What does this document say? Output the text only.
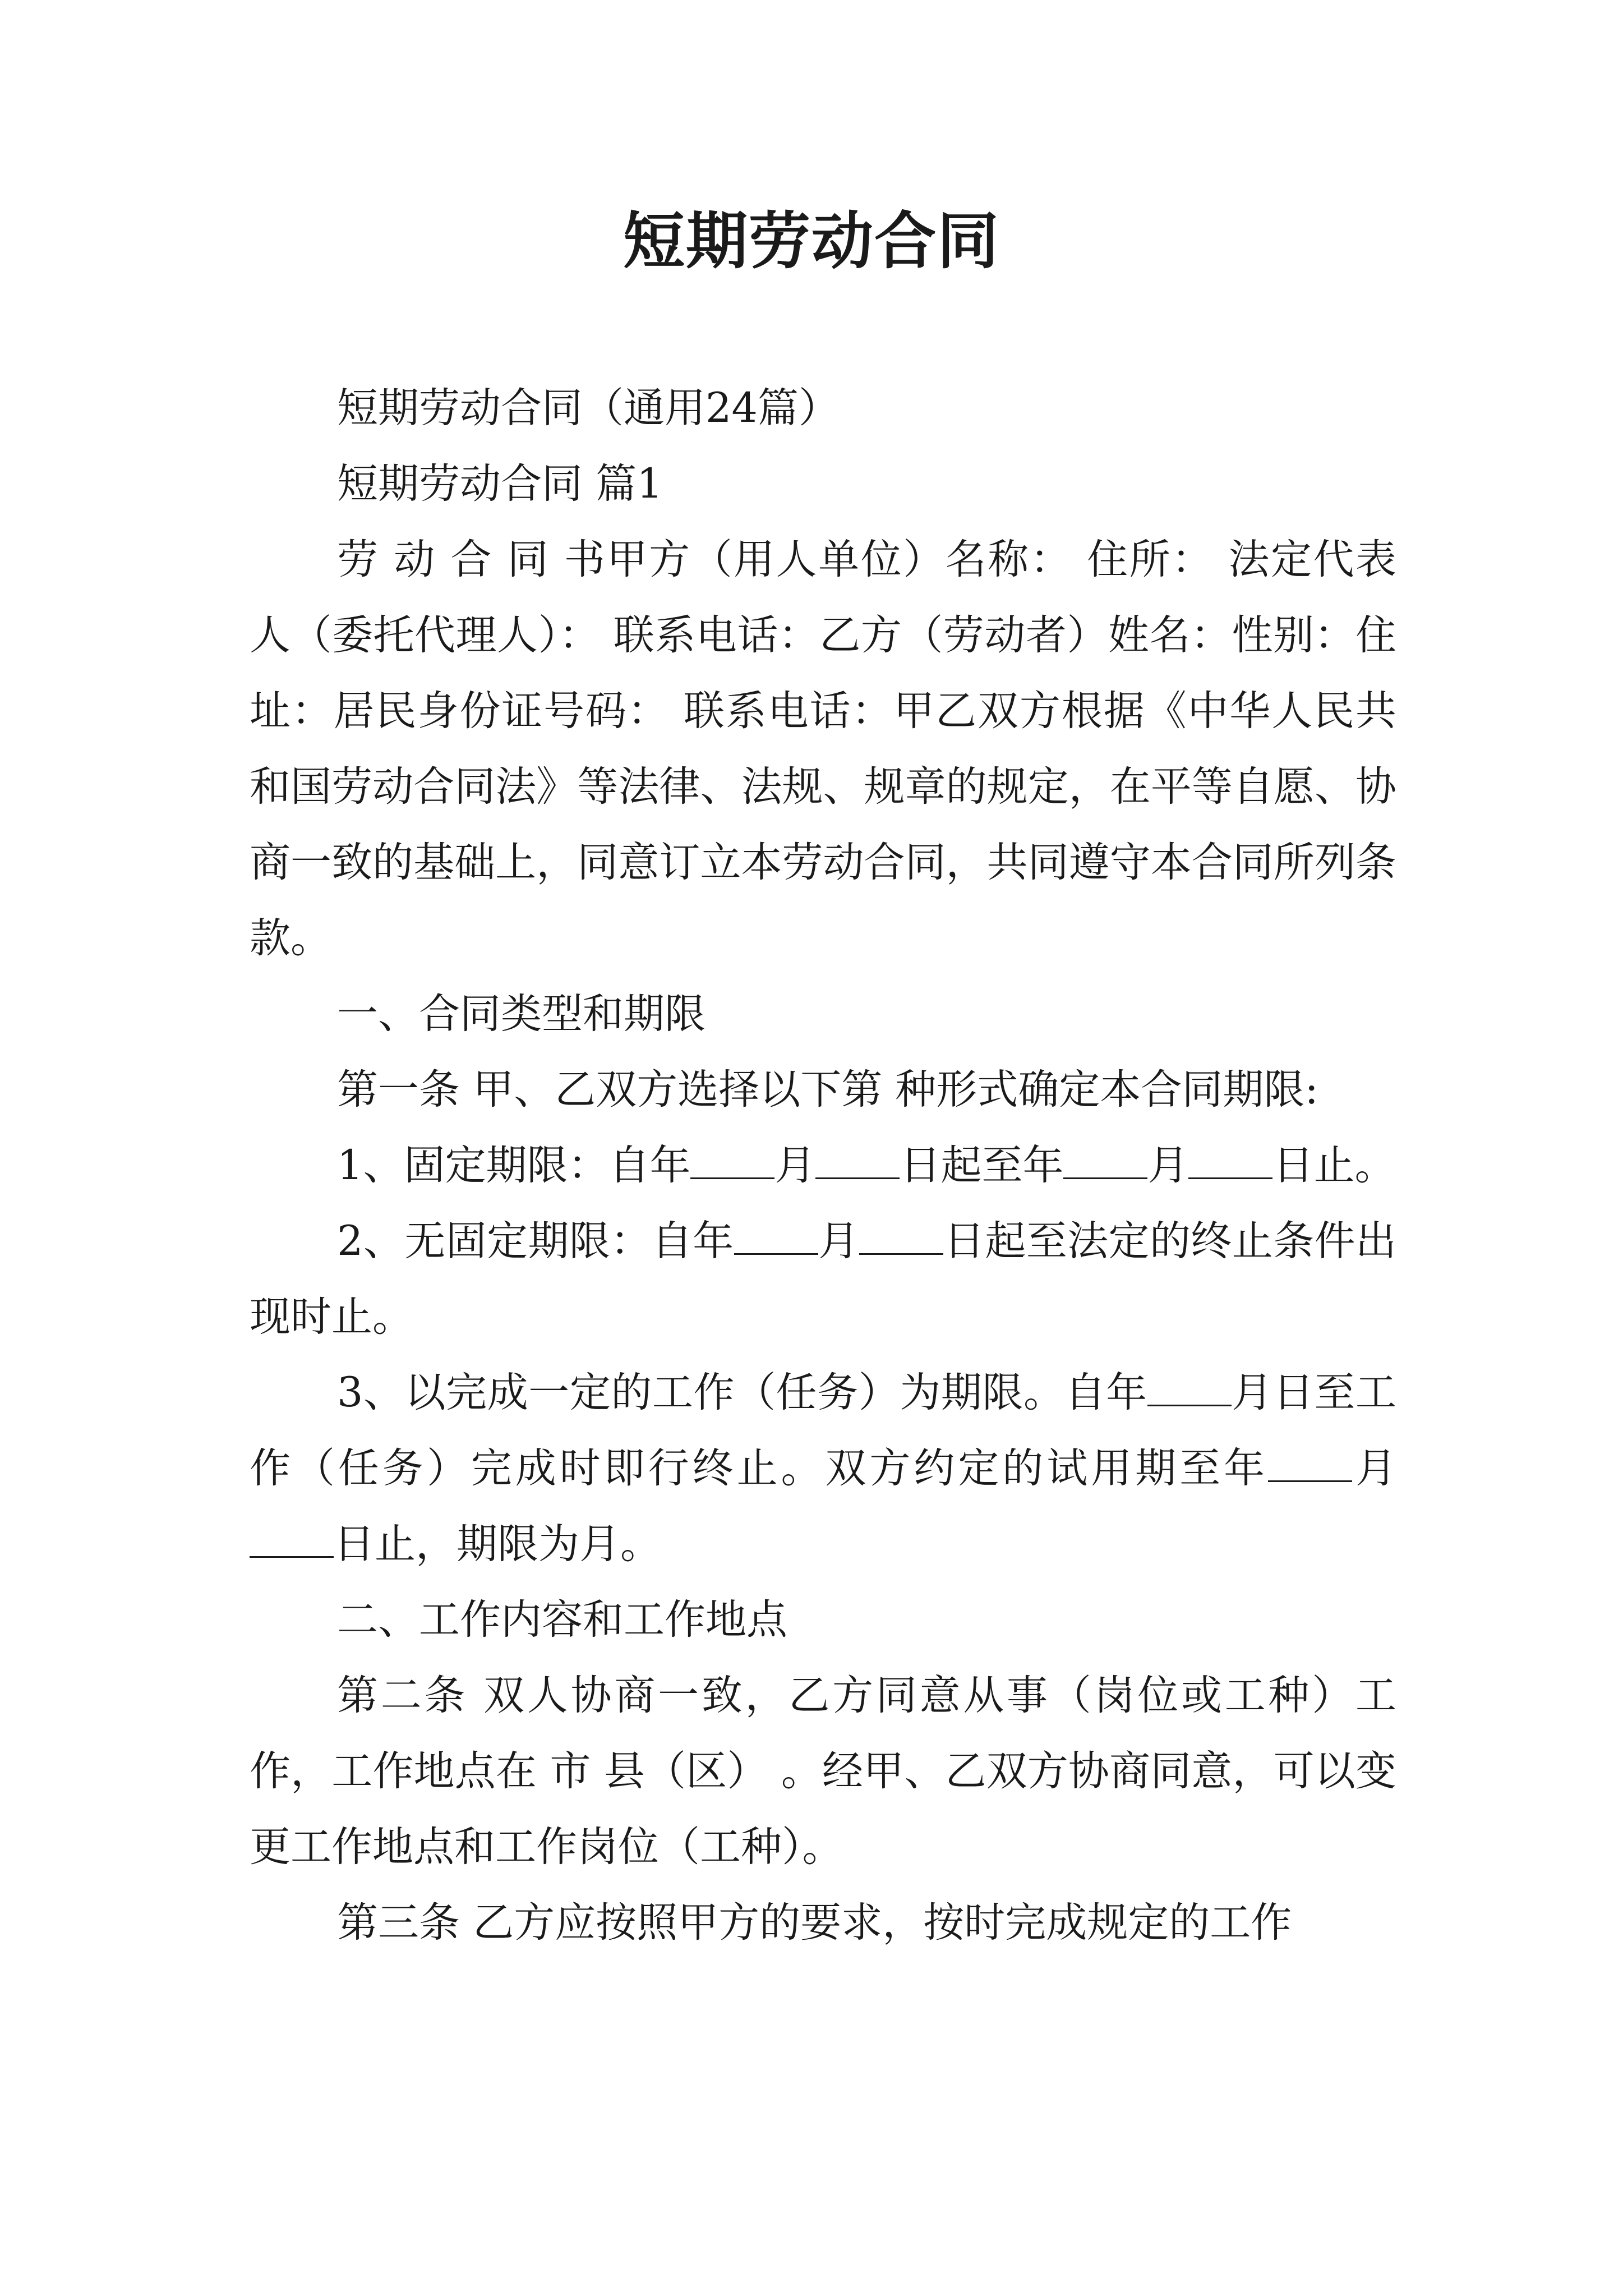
短期劳动合同

短期劳动合同（通用24篇）

短期劳动合同 篇1

劳 动 合 同 书甲方（用人单位）名称： 住所： 法定代表人（委托代理人）： 联系电话：乙方（劳动者）姓名：性别：住址：居民身份证号码： 联系电话：甲乙双方根据《中华人民共和国劳动合同法》等法律、法规、规章的规定，在平等自愿、协商一致的基础上，同意订立本劳动合同，共同遵守本合同所列条款。

一、合同类型和期限

第一条 甲、乙双方选择以下第 种形式确定本合同期限:

1、固定期限：自年 月 日起至年 月 日止。

2、无固定期限：自年 月 日起至法定的终止条件出现时止。

3、以完成一定的工作（任务）为期限。自年 月日至工作（任务）完成时即行终止。双方约定的试用期至年 月日止，期限为月。

二、工作内容和工作地点

第二条 双人协商一致，乙方同意从事（岗位或工种）工作，工作地点在 市 县（区） 。经甲、乙双方协商同意，可以变更工作地点和工作岗位（工种）。

第三条 乙方应按照甲方的要求，按时完成规定的工作
